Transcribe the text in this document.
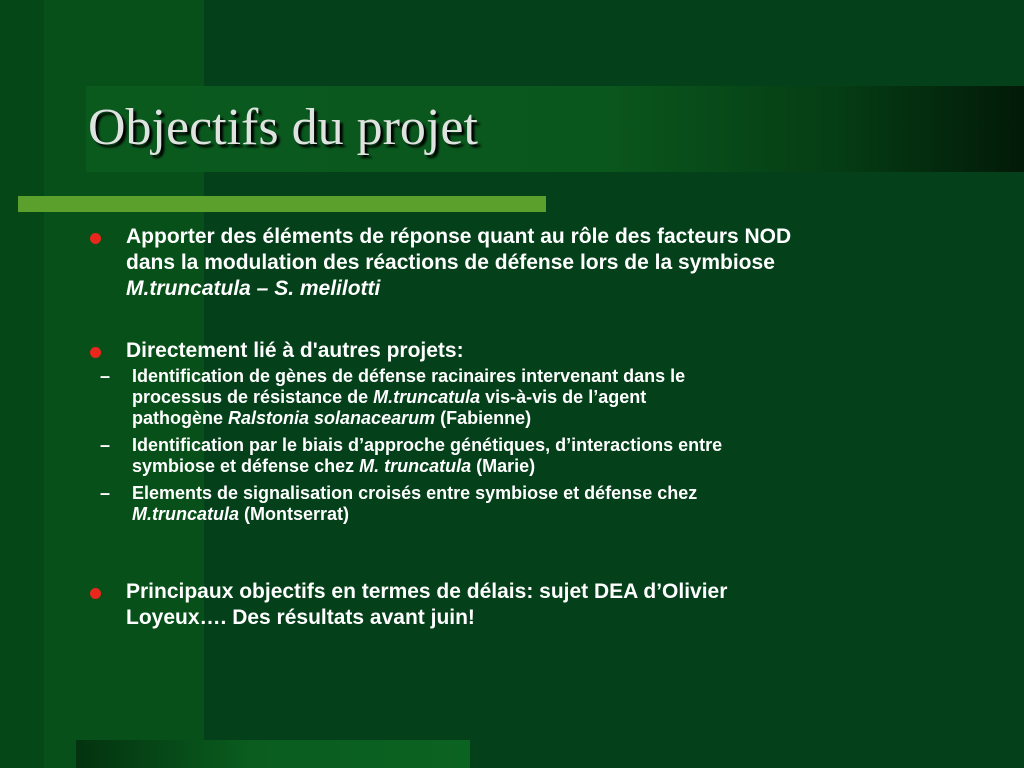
Objectifs du projet
Apporter des éléments de réponse quant au rôle des facteurs NOD
dans la modulation des réactions de défense lors de la symbiose
M.truncatula – S. melilotti
Directement lié à d'autres projets:
– Identification de gènes de défense racinaires intervenant dans le
processus de résistance de M.truncatula vis-à-vis de l’agent
pathogène Ralstonia solanacearum (Fabienne)
– Identification par le biais d’approche génétiques, d’interactions entre
symbiose et défense chez M. truncatula (Marie)
– Elements de signalisation croisés entre symbiose et défense chez
M.truncatula (Montserrat)
Principaux objectifs en termes de délais: sujet DEA d’Olivier
Loyeux…. Des résultats avant juin!
